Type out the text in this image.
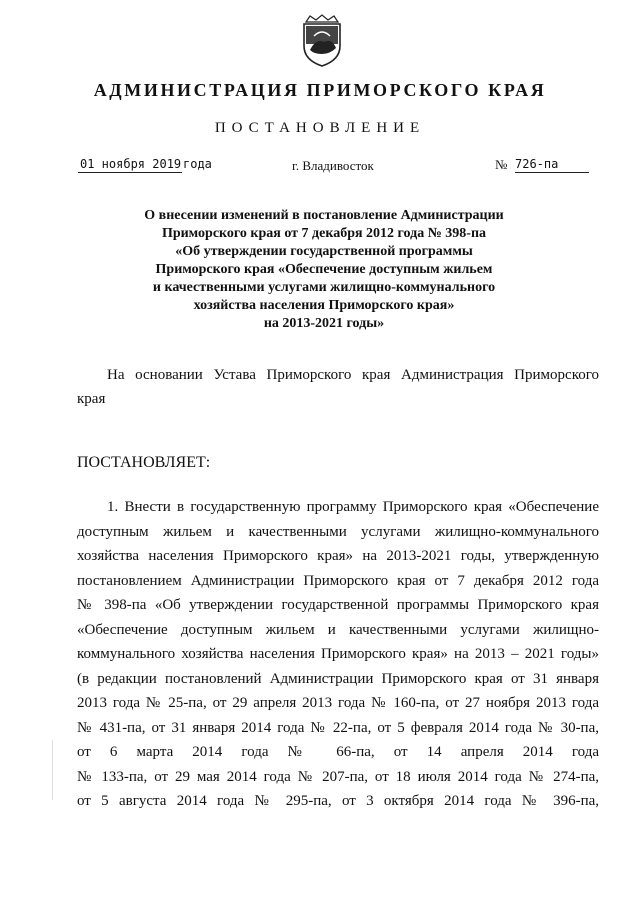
АДМИНИСТРАЦИЯ ПРИМОРСКОГО КРАЯ
ПОСТАНОВЛЕНИЕ
01 ноября 2019 года	г. Владивосток	№ 726-па
О внесении изменений в постановление Администрации
Приморского края от 7 декабря 2012 года № 398-па
«Об утверждении государственной программы
Приморского края «Обеспечение доступным жильем
и качественными услугами жилищно-коммунального
хозяйства населения Приморского края»
на 2013-2021 годы»
На основании Устава Приморского края Администрация Приморского
края
ПОСТАНОВЛЯЕТ:
1. Внести в государственную программу Приморского края «Обеспечение
доступным жильем и качественными услугами жилищно-коммунального
хозяйства населения Приморского края» на 2013-2021 годы, утвержденную
постановлением Администрации Приморского края от 7 декабря 2012 года
№ 398-па «Об утверждении государственной программы Приморского края
«Обеспечение доступным жильем и качественными услугами жилищно-
коммунального хозяйства населения Приморского края» на 2013 – 2021 годы»
(в редакции постановлений Администрации Приморского края от 31 января
2013 года № 25-па, от 29 апреля 2013 года № 160-па, от 27 ноября 2013 года
№ 431-па, от 31 января 2014 года № 22-па, от 5 февраля 2014 года № 30-па,
от 6 марта 2014 года № 66-па, от 14 апреля 2014 года
№ 133-па, от 29 мая 2014 года № 207-па, от 18 июля 2014 года № 274-па,
от 5 августа 2014 года № 295-па, от 3 октября 2014 года № 396-па,
